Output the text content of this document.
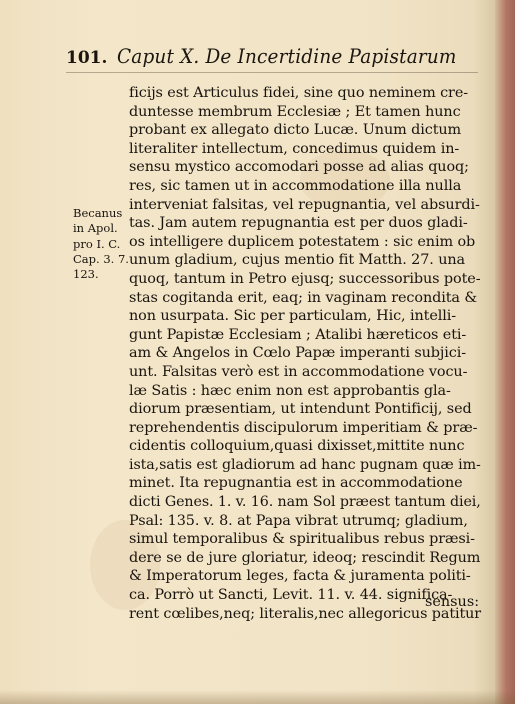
101. Caput X. De Incertidine Papistarum
Becanus
in Apol.
pro I. C.
Cap. 3. 7.
123.
ficijs est Articulus fidei, sine quo neminem cre-
duntesse membrum Ecclesiæ ; Et tamen hunc
probant ex allegato dicto Lucæ. Unum dictum
literaliter intellectum, concedimus quidem in-
sensu mystico accomodari posse ad alias quoq;
res, sic tamen ut in accommodatione illa nulla
interveniat falsitas, vel repugnantia, vel absurdi-
tas. Jam autem repugnantia est per duos gladi-
os intelligere duplicem potestatem : sic enim ob
unum gladium, cujus mentio fit Matth. 27. una
quoq, tantum in Petro ejusq; successoribus pote-
stas cogitanda erit, eaq; in vaginam recondita &
non usurpata. Sic per particulam, Hic, intelli-
gunt Papistæ Ecclesiam ; Atalibi hæreticos eti-
am & Angelos in Cœlo Papæ imperanti subjici-
unt. Falsitas verò est in accommodatione vocu-
læ Satis : hæc enim non est approbantis gla-
diorum præsentiam, ut intendunt Pontificij, sed
reprehendentis discipulorum imperitiam & præ-
cidentis colloquium,quasi dixisset,mittite nunc
ista,satis est gladiorum ad hanc pugnam quæ im-
minet. Ita repugnantia est in accommodatione
dicti Genes. 1. v. 16. nam Sol præest tantum diei,
Psal: 135. v. 8. at Papa vibrat utrumq; gladium,
simul temporalibus & spiritualibus rebus præsi-
dere se de jure gloriatur, ideoq; rescindit Regum
& Imperatorum leges, facta & juramenta politi-
ca. Porrò ut Sancti, Levit. 11. v. 44. significa-
rent cœlibes,neq; literalis,nec allegoricus patitur
sensus:
